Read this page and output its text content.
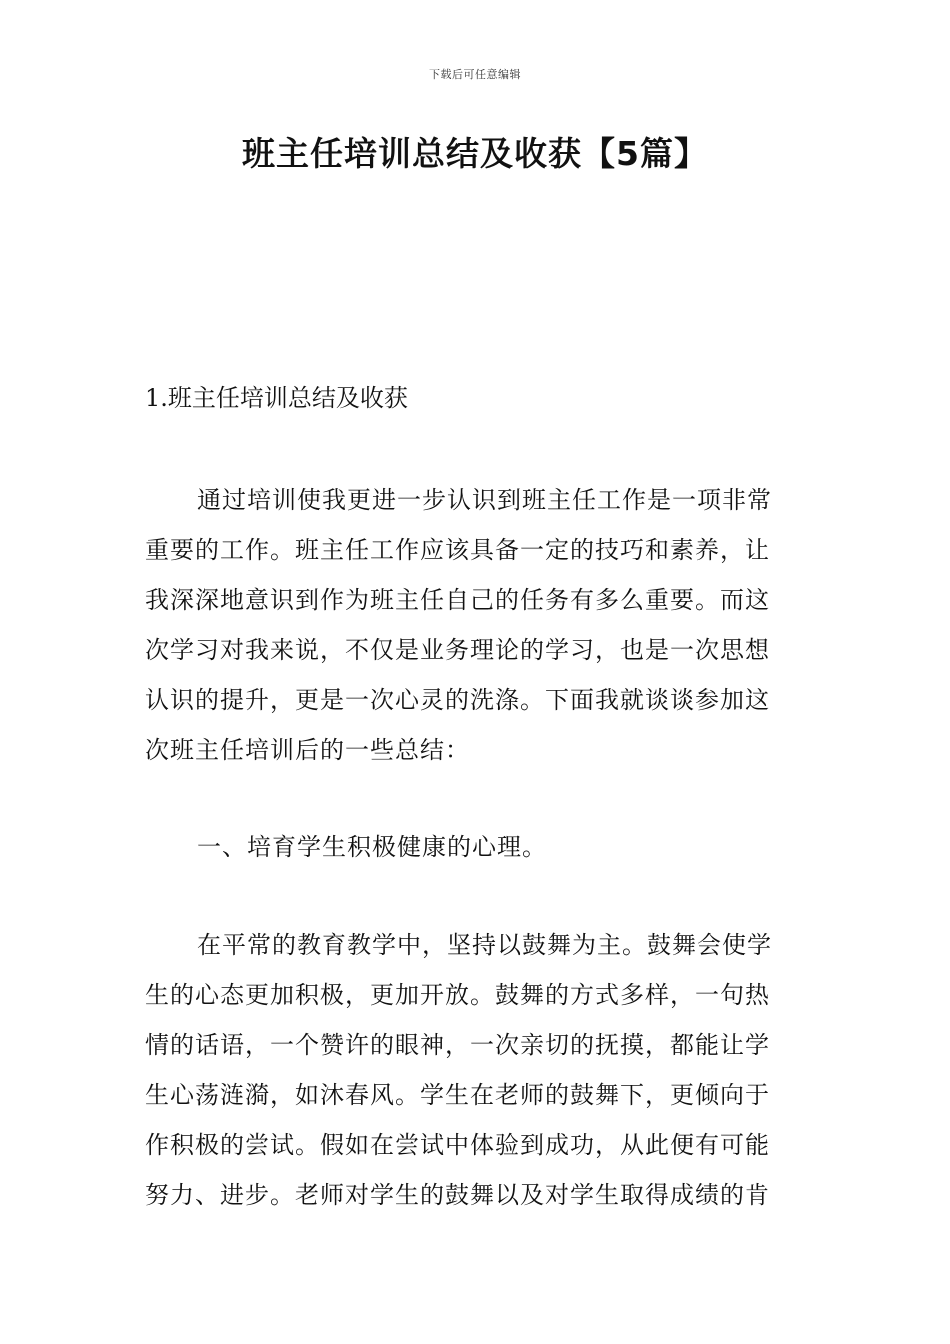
下载后可任意编辑
班主任培训总结及收获【5篇】
1.班主任培训总结及收获
通过培训使我更进一步认识到班主任工作是一项非常
重要的工作。班主任工作应该具备一定的技巧和素养，让
我深深地意识到作为班主任自己的任务有多么重要。而这
次学习对我来说，不仅是业务理论的学习，也是一次思想
认识的提升，更是一次心灵的洗涤。下面我就谈谈参加这
次班主任培训后的一些总结：
一、培育学生积极健康的心理。
在平常的教育教学中，坚持以鼓舞为主。鼓舞会使学
生的心态更加积极，更加开放。鼓舞的方式多样，一句热
情的话语，一个赞许的眼神，一次亲切的抚摸，都能让学
生心荡涟漪，如沐春风。学生在老师的鼓舞下，更倾向于
作积极的尝试。假如在尝试中体验到成功，从此便有可能
努力、进步。老师对学生的鼓舞以及对学生取得成绩的肯
